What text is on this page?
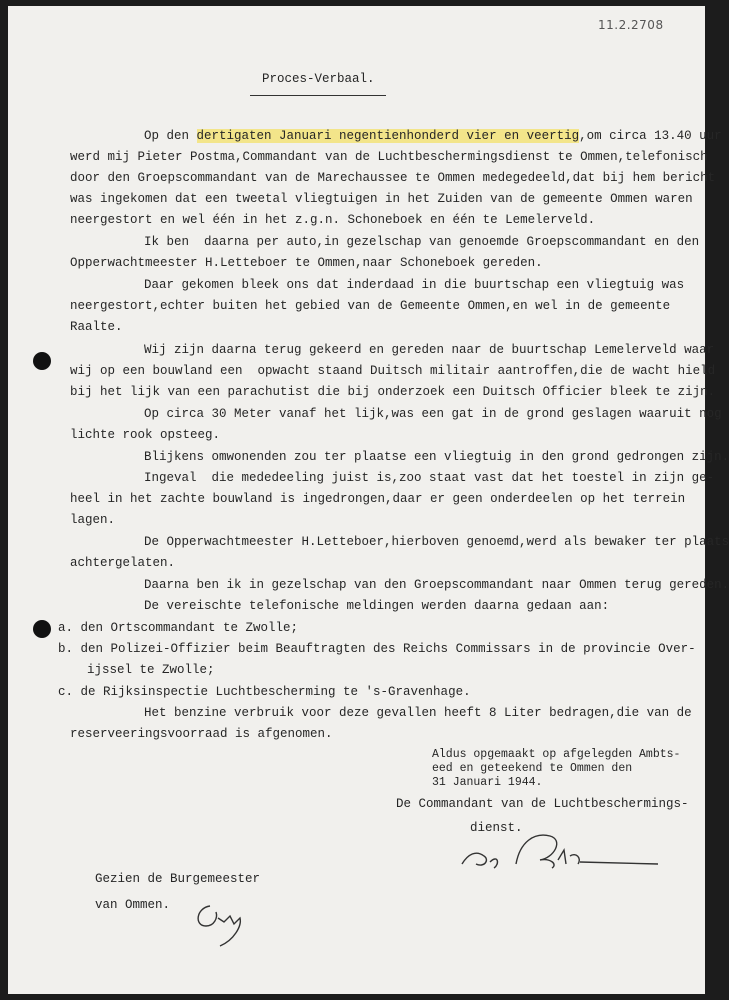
11.2.2708
Proces-Verbaal.
Op den dertigaten Januari negentienhonderd vier en veertig,om circa 13.40 uur
werd mij Pieter Postma,Commandant van de Luchtbeschermingsdienst te Ommen,telefonisch
door den Groepscommandant van de Marechaussee te Ommen medegedeeld,dat bij hem bericht
was ingekomen dat een tweetal vliegtuigen in het Zuiden van de gemeente Ommen waren
neergestort en wel één in het z.g.n. Schoneboek en één te Lemelerveld.
Ik ben  daarna per auto,in gezelschap van genoemde Groepscommandant en den
Opperwachtmeester H.Letteboer te Ommen,naar Schoneboek gereden.
Daar gekomen bleek ons dat inderdaad in die buurtschap een vliegtuig was
neergestort,echter buiten het gebied van de Gemeente Ommen,en wel in de gemeente
Raalte.
Wij zijn daarna terug gekeerd en gereden naar de buurtschap Lemelerveld waar
wij op een bouwland een  opwacht staand Duitsch militair aantroffen,die de wacht hield
bij het lijk van een parachutist die bij onderzoek een Duitsch Officier bleek te zijn.
Op circa 30 Meter vanaf het lijk,was een gat in de grond geslagen waaruit nog
lichte rook opsteeg.
Blijkens omwonenden zou ter plaatse een vliegtuig in den grond gedrongen zijn.
Ingeval  die mededeeling juist is,zoo staat vast dat het toestel in zijn ge-
heel in het zachte bouwland is ingedrongen,daar er geen onderdeelen op het terrein
lagen.
De Opperwachtmeester H.Letteboer,hierboven genoemd,werd als bewaker ter plaats
achtergelaten.
Daarna ben ik in gezelschap van den Groepscommandant naar Ommen terug gereden.
De vereischte telefonische meldingen werden daarna gedaan aan:
a. den Ortscommandant te Zwolle;
b. den Polizei-Offizier beim Beauftragten des Reichs Commissars in de provincie Over-
ijssel te Zwolle;
c. de Rijksinspectie Luchtbescherming te 's-Gravenhage.
Het benzine verbruik voor deze gevallen heeft 8 Liter bedragen,die van de
reserveeringsvoorraad is afgenomen.
Aldus opgemaakt op afgelegden Ambts-
eed en geteekend te Ommen den
31 Januari 1944.
De Commandant van de Luchtbeschermings-
dienst.
Gezien de Burgemeester
van Ommen.
